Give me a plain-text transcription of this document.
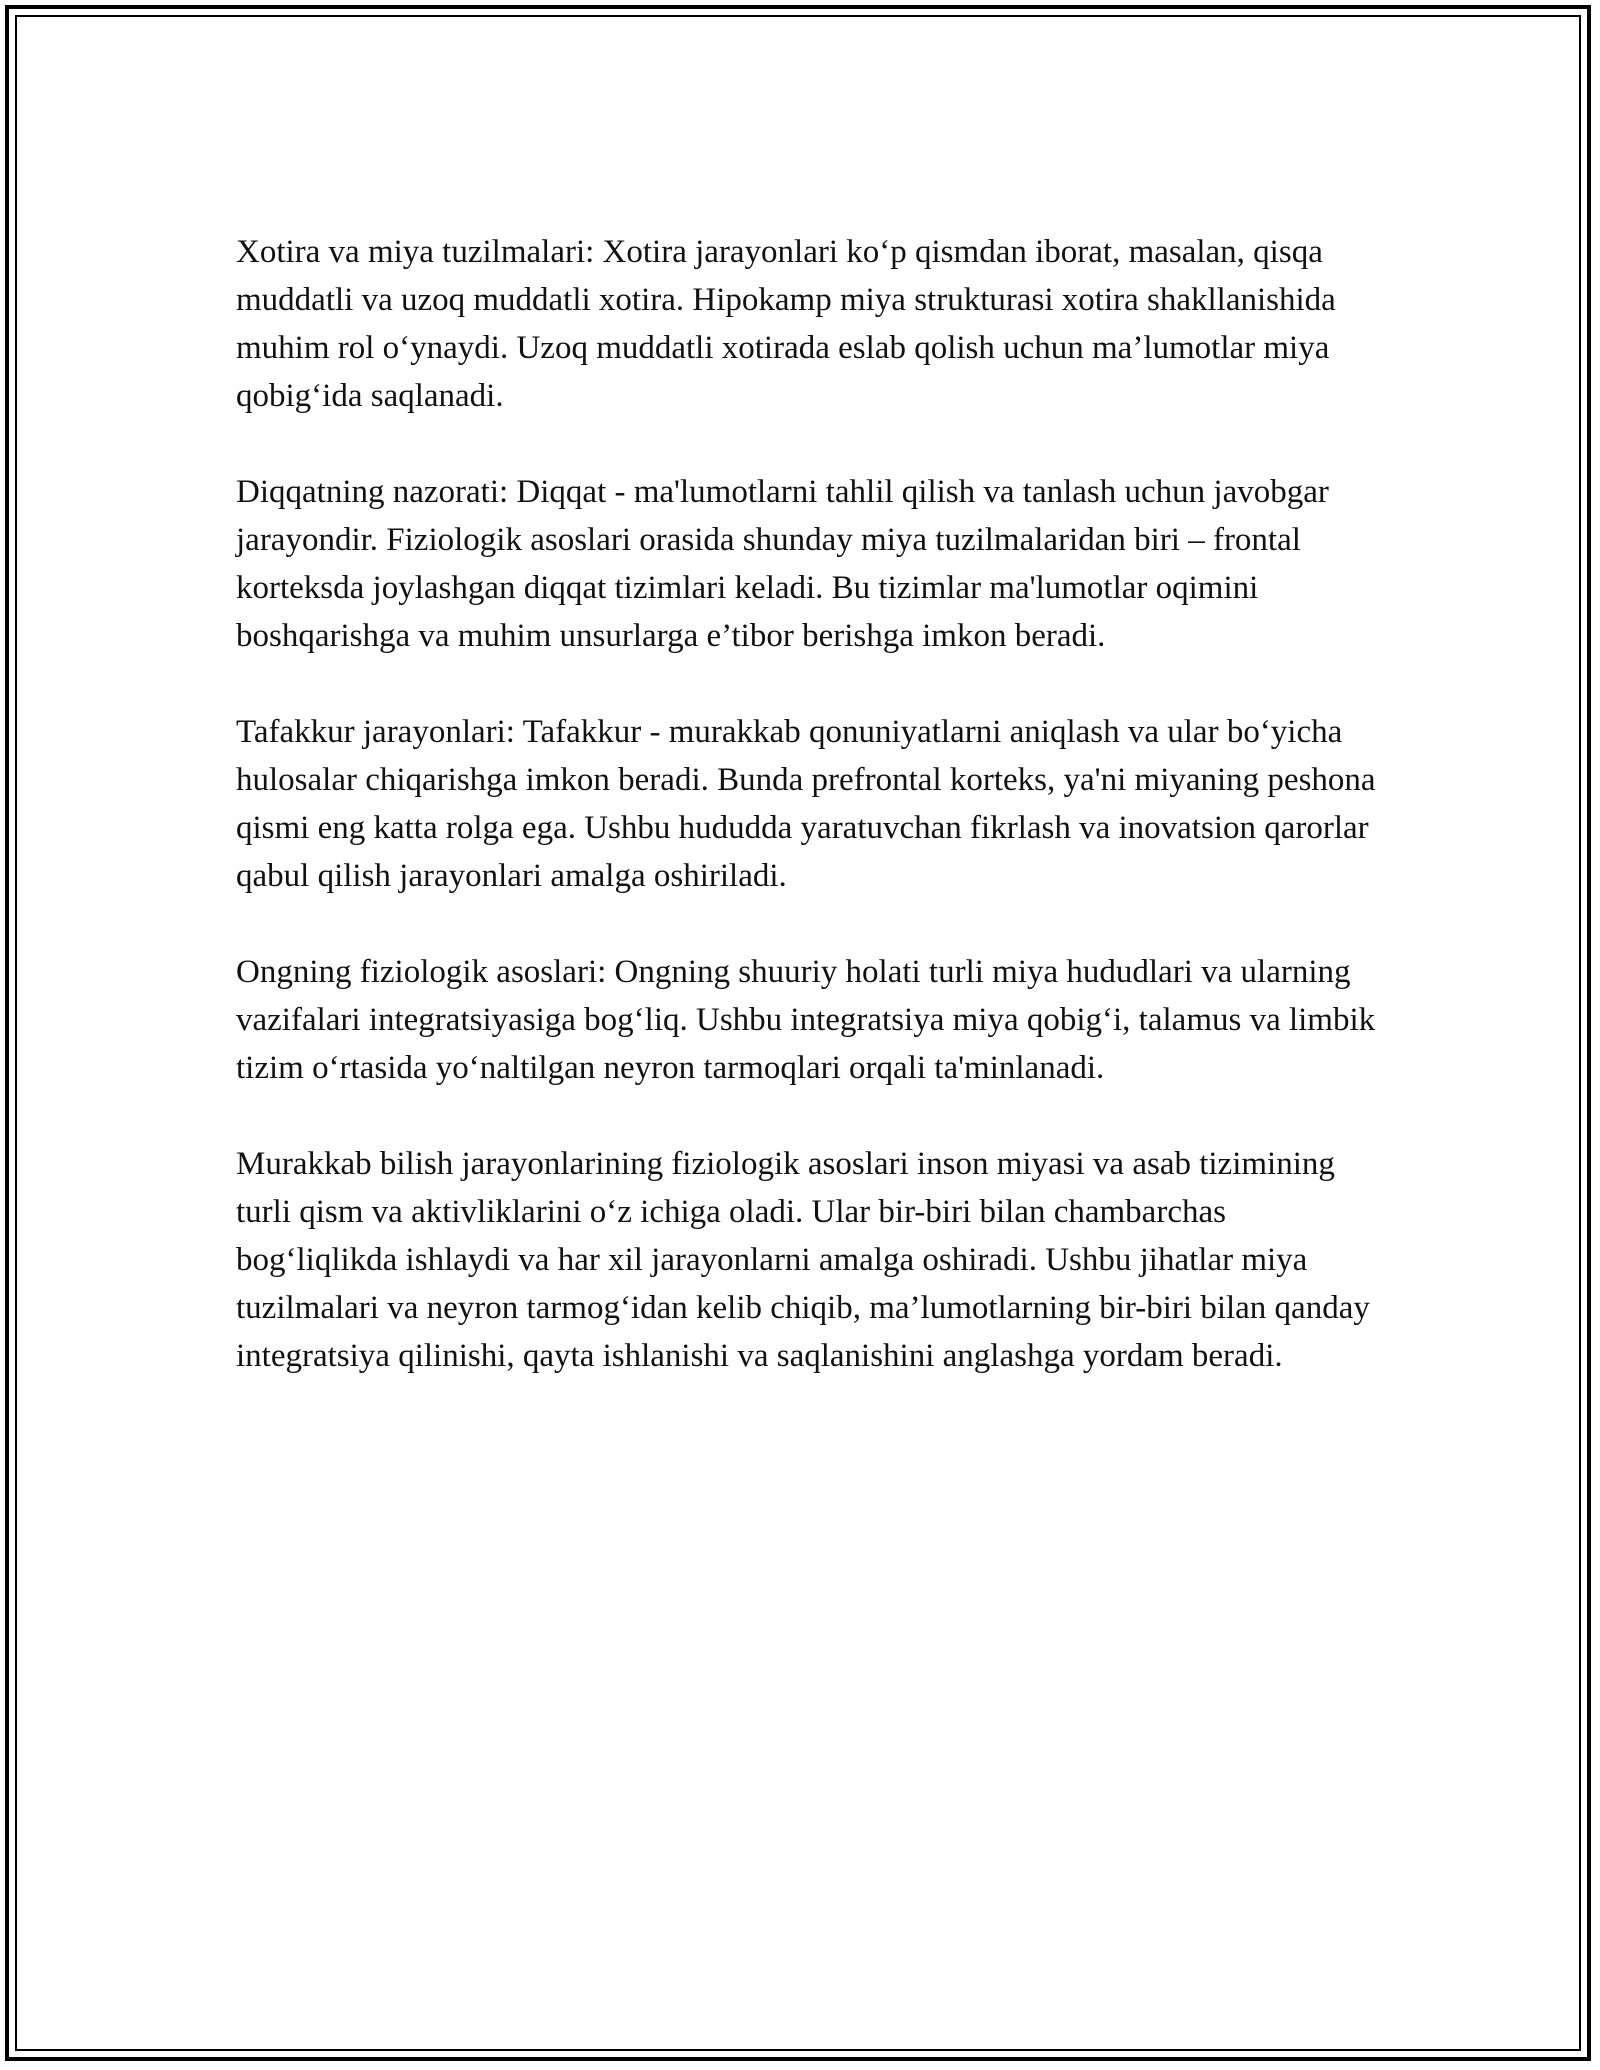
Xotira va miya tuzilmalari: Xotira jarayonlari ko‘p qismdan iborat, masalan, qisqa muddatli va uzoq muddatli xotira. Hipokamp miya strukturasi xotira shakllanishida muhim rol o‘ynaydi. Uzoq muddatli xotirada eslab qolish uchun ma’lumotlar miya qobig‘ida saqlanadi.

Diqqatning nazorati: Diqqat - ma'lumotlarni tahlil qilish va tanlash uchun javobgar jarayondir. Fiziologik asoslari orasida shunday miya tuzilmalaridan biri – frontal korteksda joylashgan diqqat tizimlari keladi. Bu tizimlar ma'lumotlar oqimini boshqarishga va muhim unsurlarga e’tibor berishga imkon beradi.

Tafakkur jarayonlari: Tafakkur - murakkab qonuniyatlarni aniqlash va ular bo‘yicha hulosalar chiqarishga imkon beradi. Bunda prefrontal korteks, ya'ni miyaning peshona qismi eng katta rolga ega. Ushbu hududda yaratuvchan fikrlash va inovatsion qarorlar qabul qilish jarayonlari amalga oshiriladi.

Ongning fiziologik asoslari: Ongning shuuriy holati turli miya hududlari va ularning vazifalari integratsiyasiga bog‘liq. Ushbu integratsiya miya qobig‘i, talamus va limbik tizim o‘rtasida yo‘naltilgan neyron tarmoqlari orqali ta'minlanadi.

Murakkab bilish jarayonlarining fiziologik asoslari inson miyasi va asab tizimining turli qism va aktivliklarini o‘z ichiga oladi. Ular bir-biri bilan chambarchas bog‘liqlikda ishlaydi va har xil jarayonlarni amalga oshiradi. Ushbu jihatlar miya tuzilmalari va neyron tarmog‘idan kelib chiqib, ma’lumotlarning bir-biri bilan qanday integratsiya qilinishi, qayta ishlanishi va saqlanishini anglashga yordam beradi.
